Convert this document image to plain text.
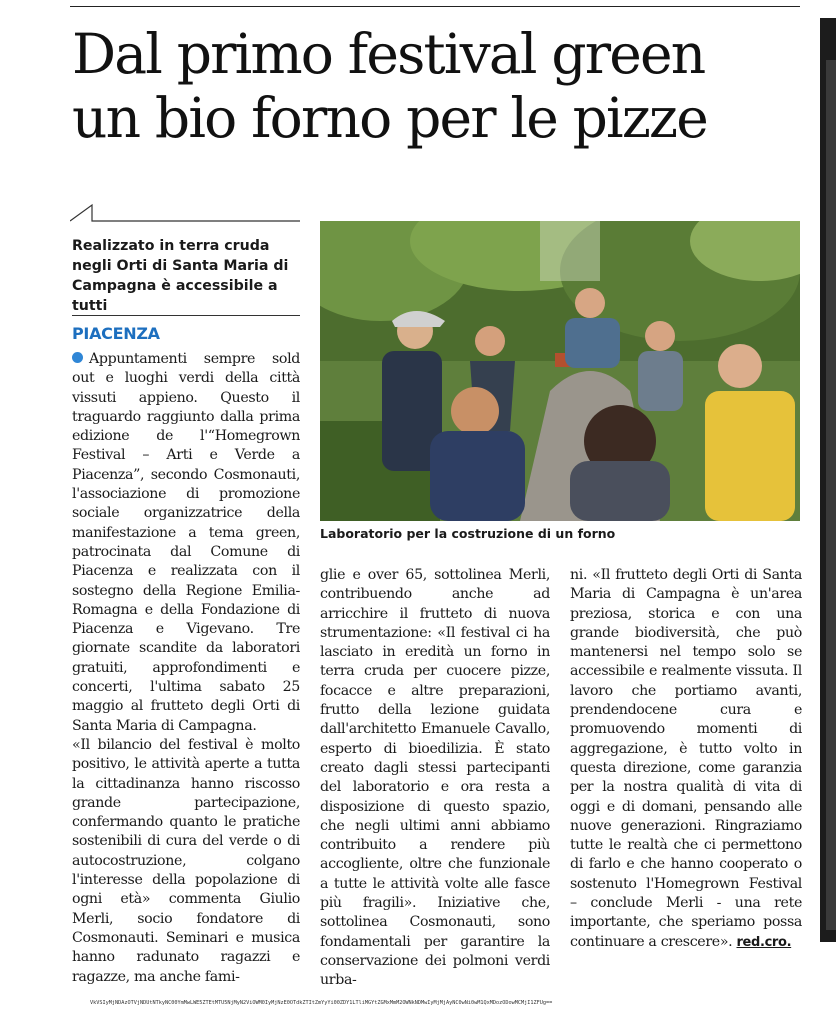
Dal primo festival green
un bio forno per le pizze
Realizzato in terra cruda negli Orti di Santa Maria di Campagna è accessibile a tutti
PIACENZA
Laboratorio per la costruzione di un forno

Appuntamenti sempre sold out e luoghi verdi della città vissuti appieno. Questo il traguardo raggiunto dalla prima edizione de l'“Homegrown Festival – Arti e Verde a Piacenza”, secondo Cosmonauti, l'associazione di promozione sociale organizzatrice della manifestazione a tema green, patrocinata dal Comune di Piacenza e realizzata con il sostegno della Regione Emilia-Romagna e della Fondazione di Piacenza e Vigevano. Tre giornate scandite da laboratori gratuiti, approfondimenti e concerti, l'ultima sabato 25 maggio al frutteto degli Orti di Santa Maria di Campagna.

«Il bilancio del festival è molto positivo, le attività aperte a tutta la cittadinanza hanno riscosso grande partecipazione, confermando quanto le pratiche sostenibili di cura del verde o di autocostruzione, colgano l'interesse della popolazione di ogni età» commenta Giulio Merli, socio fondatore di Cosmonauti. Seminari e musica hanno radunato ragazzi e ragazze, ma anche fami-

glie e over 65, sottolinea Merli, contribuendo anche ad arricchire il frutteto di nuova strumentazione: «Il festival ci ha lasciato in eredità un forno in terra cruda per cuocere pizze, focacce e altre preparazioni, frutto della lezione guidata dall'architetto Emanuele Cavallo, esperto di bioedilizia. È stato creato dagli stessi partecipanti del laboratorio e ora resta a disposizione di questo spazio, che negli ultimi anni abbiamo contribuito a rendere più accogliente, oltre che funzionale a tutte le attività volte alle fasce più fragili». Iniziative che, sottolinea Cosmonauti, sono fondamentali per garantire la conservazione dei polmoni verdi urba-

ni. «Il frutteto degli Orti di Santa Maria di Campagna è un'area preziosa, storica e con una grande biodiversità, che può mantenersi nel tempo solo se accessibile e realmente vissuta. Il lavoro che portiamo avanti, prendendocene cura e promuovendo momenti di aggregazione, è tutto volto in questa direzione, come garanzia per la nostra qualità di vita di oggi e di domani, pensando alle nuove generazioni. Ringraziamo tutte le realtà che ci permettono di farlo e che hanno cooperato o sostenuto l'Homegrown Festival – conclude Merli - una rete importante, che speriamo possa continuare a crescere». red.cro.

VkVSIyMjNDAzOTVjNDUtNTkyNC00YmMwLWE5ZTEtMTU5NjMyN2ViOWM0IyMjNzE0OTdkZTItZmYyYi00ZDY1LTliMGYtZGMxMmM2OWNkNDMwIyMjMjAyNC0wNi0wM1QxMDozODowMCMjI1ZFUg==
